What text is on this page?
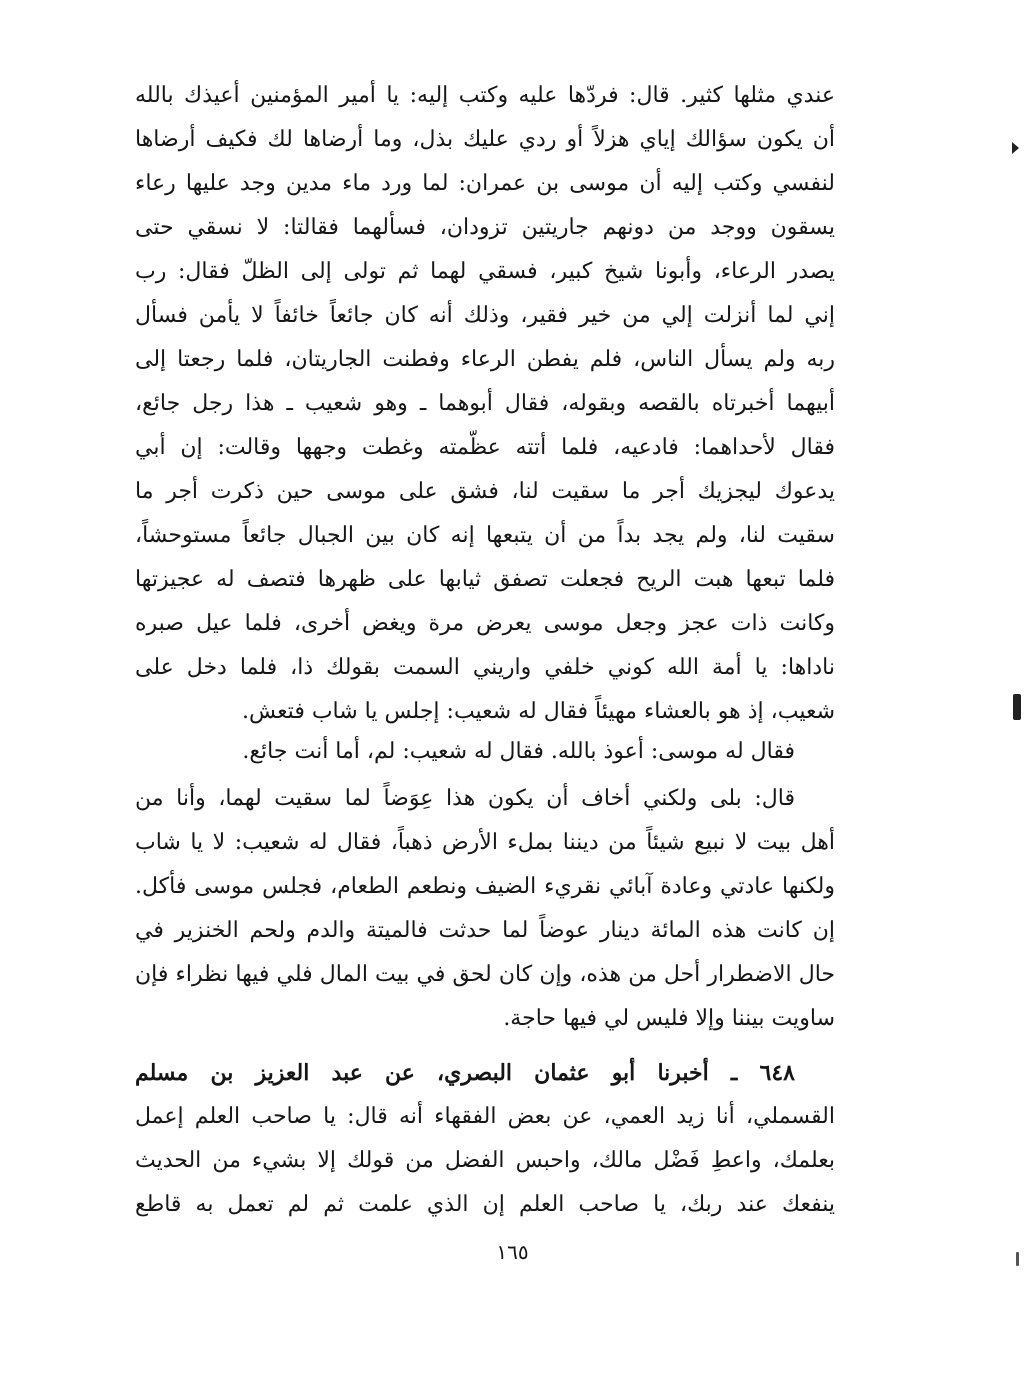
عندي مثلها كثير. قال: فردّها عليه وكتب إليه: يا أمير المؤمنين أعيذك بالله
أن يكون سؤالك إياي هزلاً أو ردي عليك بذل، وما أرضاها لك فكيف أرضاها
لنفسي وكتب إليه أن موسى بن عمران: لما ورد ماء مدين وجد عليها رعاء
يسقون ووجد من دونهم جاريتين تزودان، فسألهما فقالتا: لا نسقي حتى
يصدر الرعاء، وأبونا شيخ كبير، فسقي لهما ثم تولى إلى الظلّ فقال: رب
إني لما أنزلت إلي من خير فقير، وذلك أنه كان جائعاً خائفاً لا يأمن فسأل
ربه ولم يسأل الناس، فلم يفطن الرعاء وفطنت الجاريتان، فلما رجعتا إلى
أبيهما أخبرتاه بالقصه وبقوله، فقال أبوهما ـ وهو شعيب ـ هذا رجل جائع،
فقال لأحداهما: فادعيه، فلما أتته عظّمته وغطت وجهها وقالت: إن أبي
يدعوك ليجزيك أجر ما سقيت لنا، فشق على موسى حين ذكرت أجر ما
سقيت لنا، ولم يجد بداً من أن يتبعها إنه كان بين الجبال جائعاً مستوحشاً،
فلما تبعها هبت الريح فجعلت تصفق ثيابها على ظهرها فتصف له عجيزتها
وكانت ذات عجز وجعل موسى يعرض مرة ويغض أخرى، فلما عيل صبره
ناداها: يا أمة الله كوني خلفي واريني السمت بقولك ذا، فلما دخل على
شعيب، إذ هو بالعشاء مهيئاً فقال له شعيب: إجلس يا شاب فتعش.
فقال له موسى: أعوذ بالله. فقال له شعيب: لم، أما أنت جائع.
قال: بلى ولكني أخاف أن يكون هذا عِوَضاً لما سقيت لهما، وأنا من
أهل بيت لا نبيع شيئاً من ديننا بملء الأرض ذهباً، فقال له شعيب: لا يا شاب
ولكنها عادتي وعادة آبائي نقريء الضيف ونطعم الطعام، فجلس موسى فأكل.
إن كانت هذه المائة دينار عوضاً لما حدثت فالميتة والدم ولحم الخنزير في
حال الاضطرار أحل من هذه، وإن كان لحق في بيت المال فلي فيها نظراء فإن
ساويت بيننا وإلا فليس لي فيها حاجة.
٦٤٨ ـ أخبرنا أبو عثمان البصري، عن عبد العزيز بن مسلم
القسملي، أنا زيد العمي، عن بعض الفقهاء أنه قال: يا صاحب العلم إعمل
بعلمك، واعطِ فَضْل مالك، واحبس الفضل من قولك إلا بشيء من الحديث
ينفعك عند ربك، يا صاحب العلم إن الذي علمت ثم لم تعمل به قاطع
١٦٥
